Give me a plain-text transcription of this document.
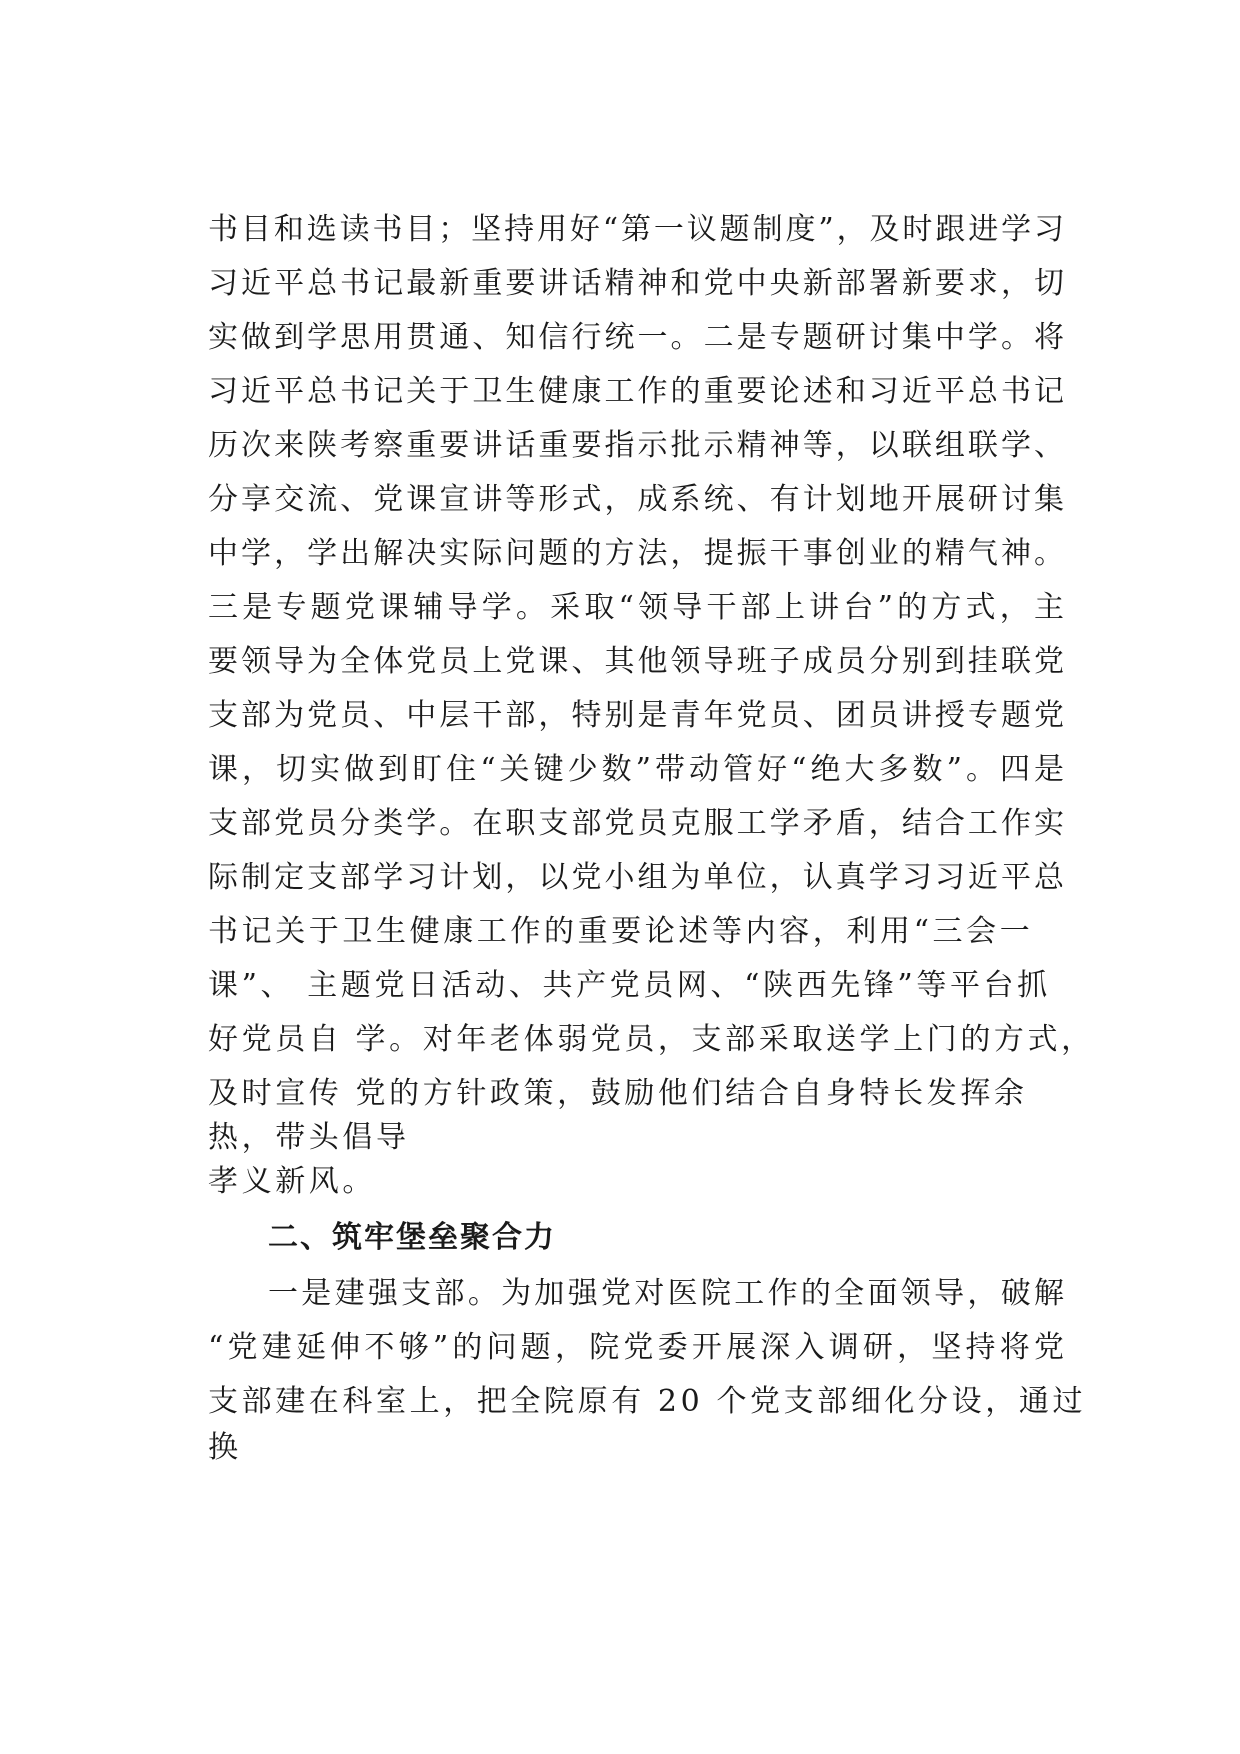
书目和选读书目；坚持用好“第一议题制度”，及时跟进学习
习近平总书记最新重要讲话精神和党中央新部署新要求，切
实做到学思用贯通、知信行统一。二是专题研讨集中学。将
习近平总书记关于卫生健康工作的重要论述和习近平总书记
历次来陕考察重要讲话重要指示批示精神等，以联组联学、
分享交流、党课宣讲等形式，成系统、有计划地开展研讨集
中学，学出解决实际问题的方法，提振干事创业的精气神。
三是专题党课辅导学。采取“领导干部上讲台”的方式，主
要领导为全体党员上党课、其他领导班子成员分别到挂联党
支部为党员、中层干部，特别是青年党员、团员讲授专题党
课，切实做到盯住“关键少数”带动管好“绝大多数”。四是
支部党员分类学。在职支部党员克服工学矛盾，结合工作实
际制定支部学习计划，以党小组为单位，认真学习习近平总
书记关于卫生健康工作的重要论述等内容，利用“三会一
课”、 主题党日活动、共产党员网、“陕西先锋”等平台抓
好党员自 学。对年老体弱党员，支部采取送学上门的方式，
及时宣传 党的方针政策，鼓励他们结合自身特长发挥余
二、筑牢堡垒聚合力
一是建强支部。为加强党对医院工作的全面领导，破解
“党建延伸不够”的问题，院党委开展深入调研，坚持将党
支部建在科室上，把全院原有 20 个党支部细化分设，通过
换
热，带头倡导
孝义新风。
